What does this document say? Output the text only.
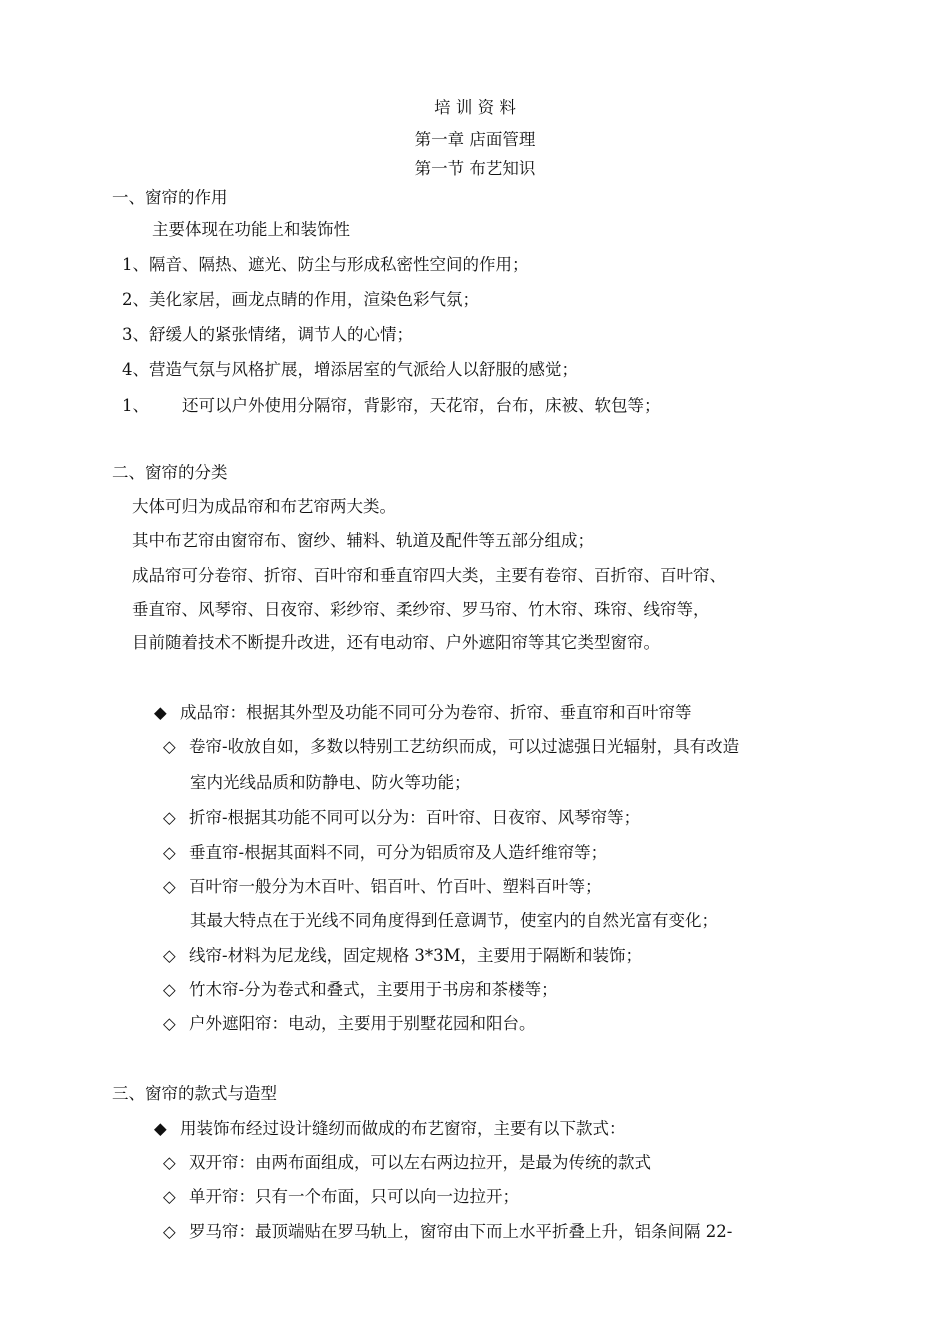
培 训 资 料
第一章 店面管理
第一节 布艺知识
一、窗帘的作用
主要体现在功能上和装饰性
1、隔音、隔热、遮光、防尘与形成私密性空间的作用；
2、美化家居，画龙点睛的作用，渲染色彩气氛；
3、舒缓人的紧张情绪，调节人的心情；
4、营造气氛与风格扩展，增添居室的气派给人以舒服的感觉；
1、 还可以户外使用分隔帘，背影帘，天花帘，台布，床被、软包等；
二、窗帘的分类
大体可归为成品帘和布艺帘两大类。
其中布艺帘由窗帘布、窗纱、辅料、轨道及配件等五部分组成；
成品帘可分卷帘、折帘、百叶帘和垂直帘四大类，主要有卷帘、百折帘、百叶帘、
垂直帘、风琴帘、日夜帘、彩纱帘、柔纱帘、罗马帘、竹木帘、珠帘、线帘等，
目前随着技术不断提升改进，还有电动帘、户外遮阳帘等其它类型窗帘。
◆ 成品帘：根据其外型及功能不同可分为卷帘、折帘、垂直帘和百叶帘等
◇ 卷帘-收放自如，多数以特别工艺纺织而成，可以过滤强日光辐射，具有改造
室内光线品质和防静电、防火等功能；
◇ 折帘-根据其功能不同可以分为：百叶帘、日夜帘、风琴帘等；
◇ 垂直帘-根据其面料不同，可分为铝质帘及人造纤维帘等；
◇ 百叶帘一般分为木百叶、铝百叶、竹百叶、塑料百叶等；
其最大特点在于光线不同角度得到任意调节，使室内的自然光富有变化；
◇ 线帘-材料为尼龙线，固定规格 3*3M，主要用于隔断和装饰；
◇ 竹木帘-分为卷式和叠式，主要用于书房和茶楼等；
◇ 户外遮阳帘：电动，主要用于别墅花园和阳台。
三、窗帘的款式与造型
◆ 用装饰布经过设计缝纫而做成的布艺窗帘，主要有以下款式：
◇ 双开帘：由两布面组成，可以左右两边拉开，是最为传统的款式
◇ 单开帘：只有一个布面，只可以向一边拉开；
◇ 罗马帘：最顶端贴在罗马轨上，窗帘由下而上水平折叠上升，铝条间隔 22-
